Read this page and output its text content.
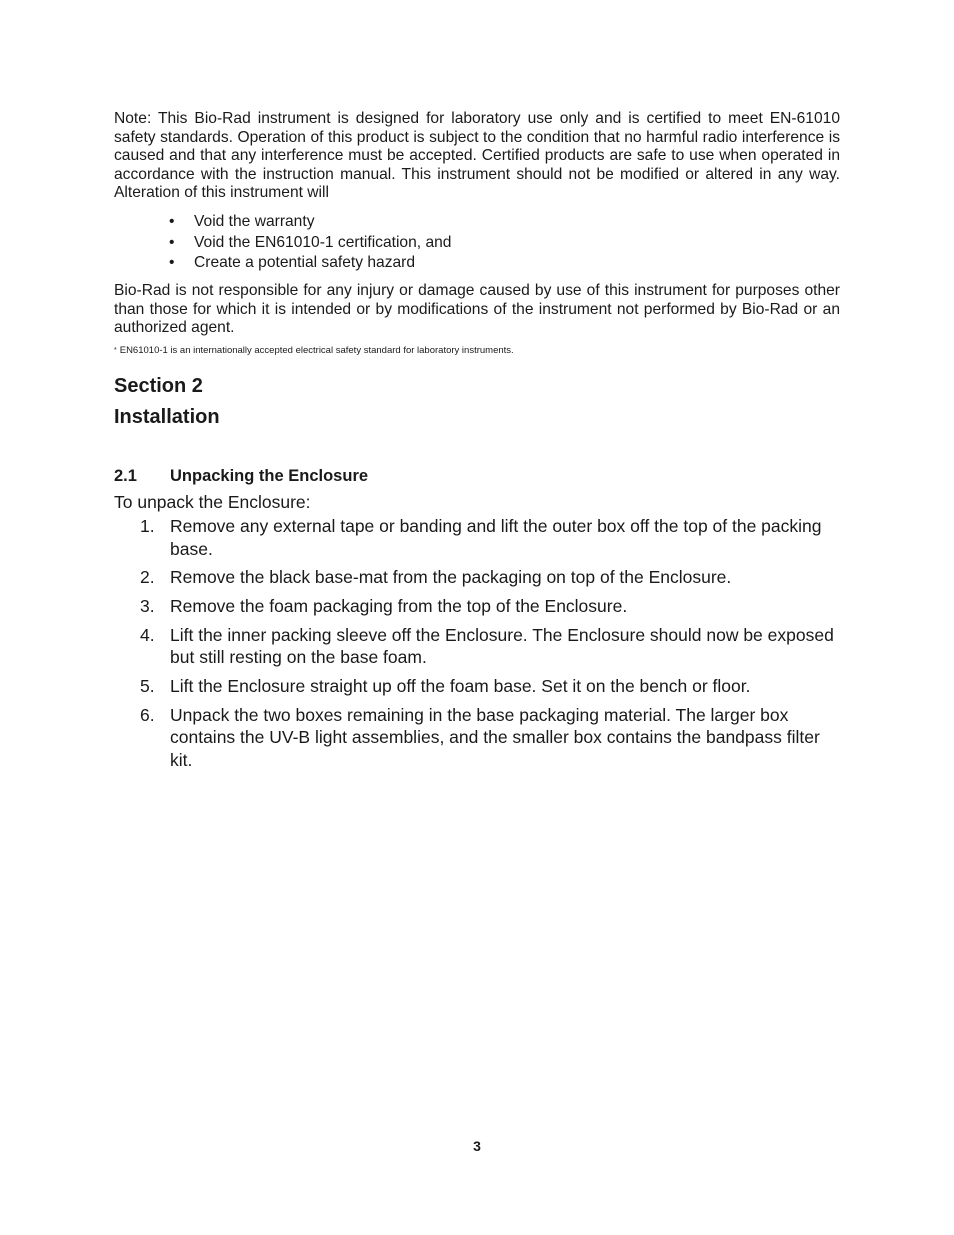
Note: This Bio-Rad instrument is designed for laboratory use only and is certified to meet EN-61010 safety standards. Operation of this product is subject to the condition that no harmful radio interference is caused and that any interference must be accepted. Certified products are safe to use when operated in accordance with the instruction manual. This instrument should not be modified or altered in any way. Alteration of this instrument will

• Void the warranty
• Void the EN61010-1 certification, and
• Create a potential safety hazard

Bio-Rad is not responsible for any injury or damage caused by use of this instrument for purposes other than those for which it is intended or by modifications of the instrument not performed by Bio-Rad or an authorized agent.

* EN61010-1 is an internationally accepted electrical safety standard for laboratory instruments.
Section 2
Installation
2.1 Unpacking the Enclosure
To unpack the Enclosure:
1. Remove any external tape or banding and lift the outer box off the top of the packing base.
2. Remove the black base-mat from the packaging on top of the Enclosure.
3. Remove the foam packaging from the top of the Enclosure.
4. Lift the inner packing sleeve off the Enclosure. The Enclosure should now be exposed but still resting on the base foam.
5. Lift the Enclosure straight up off the foam base. Set it on the bench or floor.
6. Unpack the two boxes remaining in the base packaging material. The larger box contains the UV-B light assemblies, and the smaller box contains the bandpass filter kit.
3
